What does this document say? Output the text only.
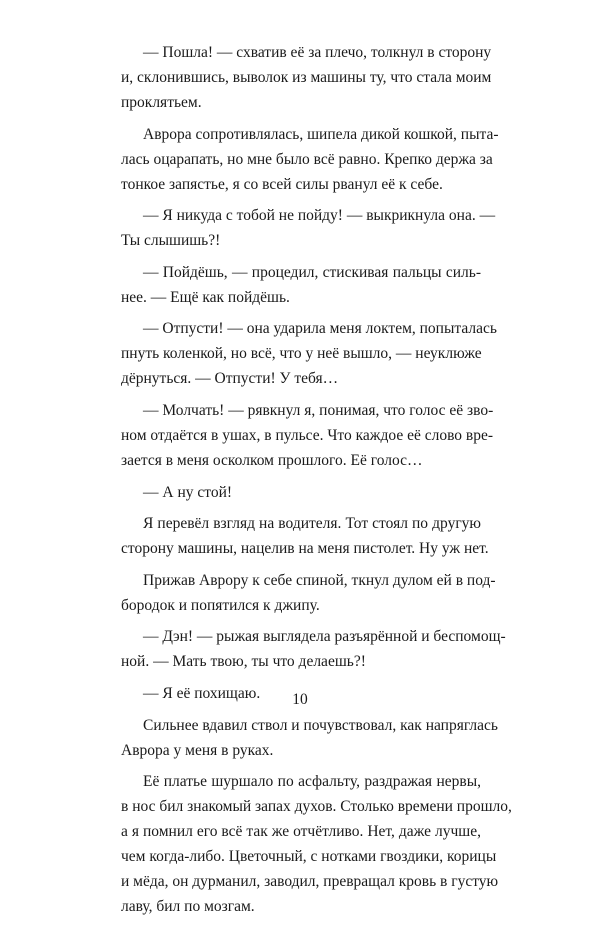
— Пошла! — схватив её за плечо, толкнул в сторону
и, склонившись, выволок из машины ту, что стала моим
проклятьем.
Аврора сопротивлялась, шипела дикой кошкой, пыта-
лась оцарапать, но мне было всё равно. Крепко держа за
тонкое запястье, я со всей силы рванул её к себе.
— Я никуда с тобой не пойду! — выкрикнула она. —
Ты слышишь?!
— Пойдёшь, — процедил, стискивая пальцы силь-
нее. — Ещё как пойдёшь.
— Отпусти! — она ударила меня локтем, попыталась
пнуть коленкой, но всё, что у неё вышло, — неуклюже
дёрнуться. — Отпусти! У тебя…
— Молчать! — рявкнул я, понимая, что голос её зво-
ном отдаётся в ушах, в пульсе. Что каждое её слово вре-
зается в меня осколком прошлого. Её голос…
— А ну стой!
Я перевёл взгляд на водителя. Тот стоял по другую
сторону машины, нацелив на меня пистолет. Ну уж нет.
Прижав Аврору к себе спиной, ткнул дулом ей в под-
бородок и попятился к джипу.
— Дэн! — рыжая выглядела разъярённой и беспомощ-
ной. — Мать твою, ты что делаешь?!
— Я её похищаю.
Сильнее вдавил ствол и почувствовал, как напряглась
Аврора у меня в руках.
Её платье шуршало по асфальту, раздражая нервы,
в нос бил знакомый запах духов. Столько времени прошло,
а я помнил его всё так же отчётливо. Нет, даже лучше,
чем когда-либо. Цветочный, с нотками гвоздики, корицы
и мёда, он дурманил, заводил, превращал кровь в густую
лаву, бил по мозгам.
10
